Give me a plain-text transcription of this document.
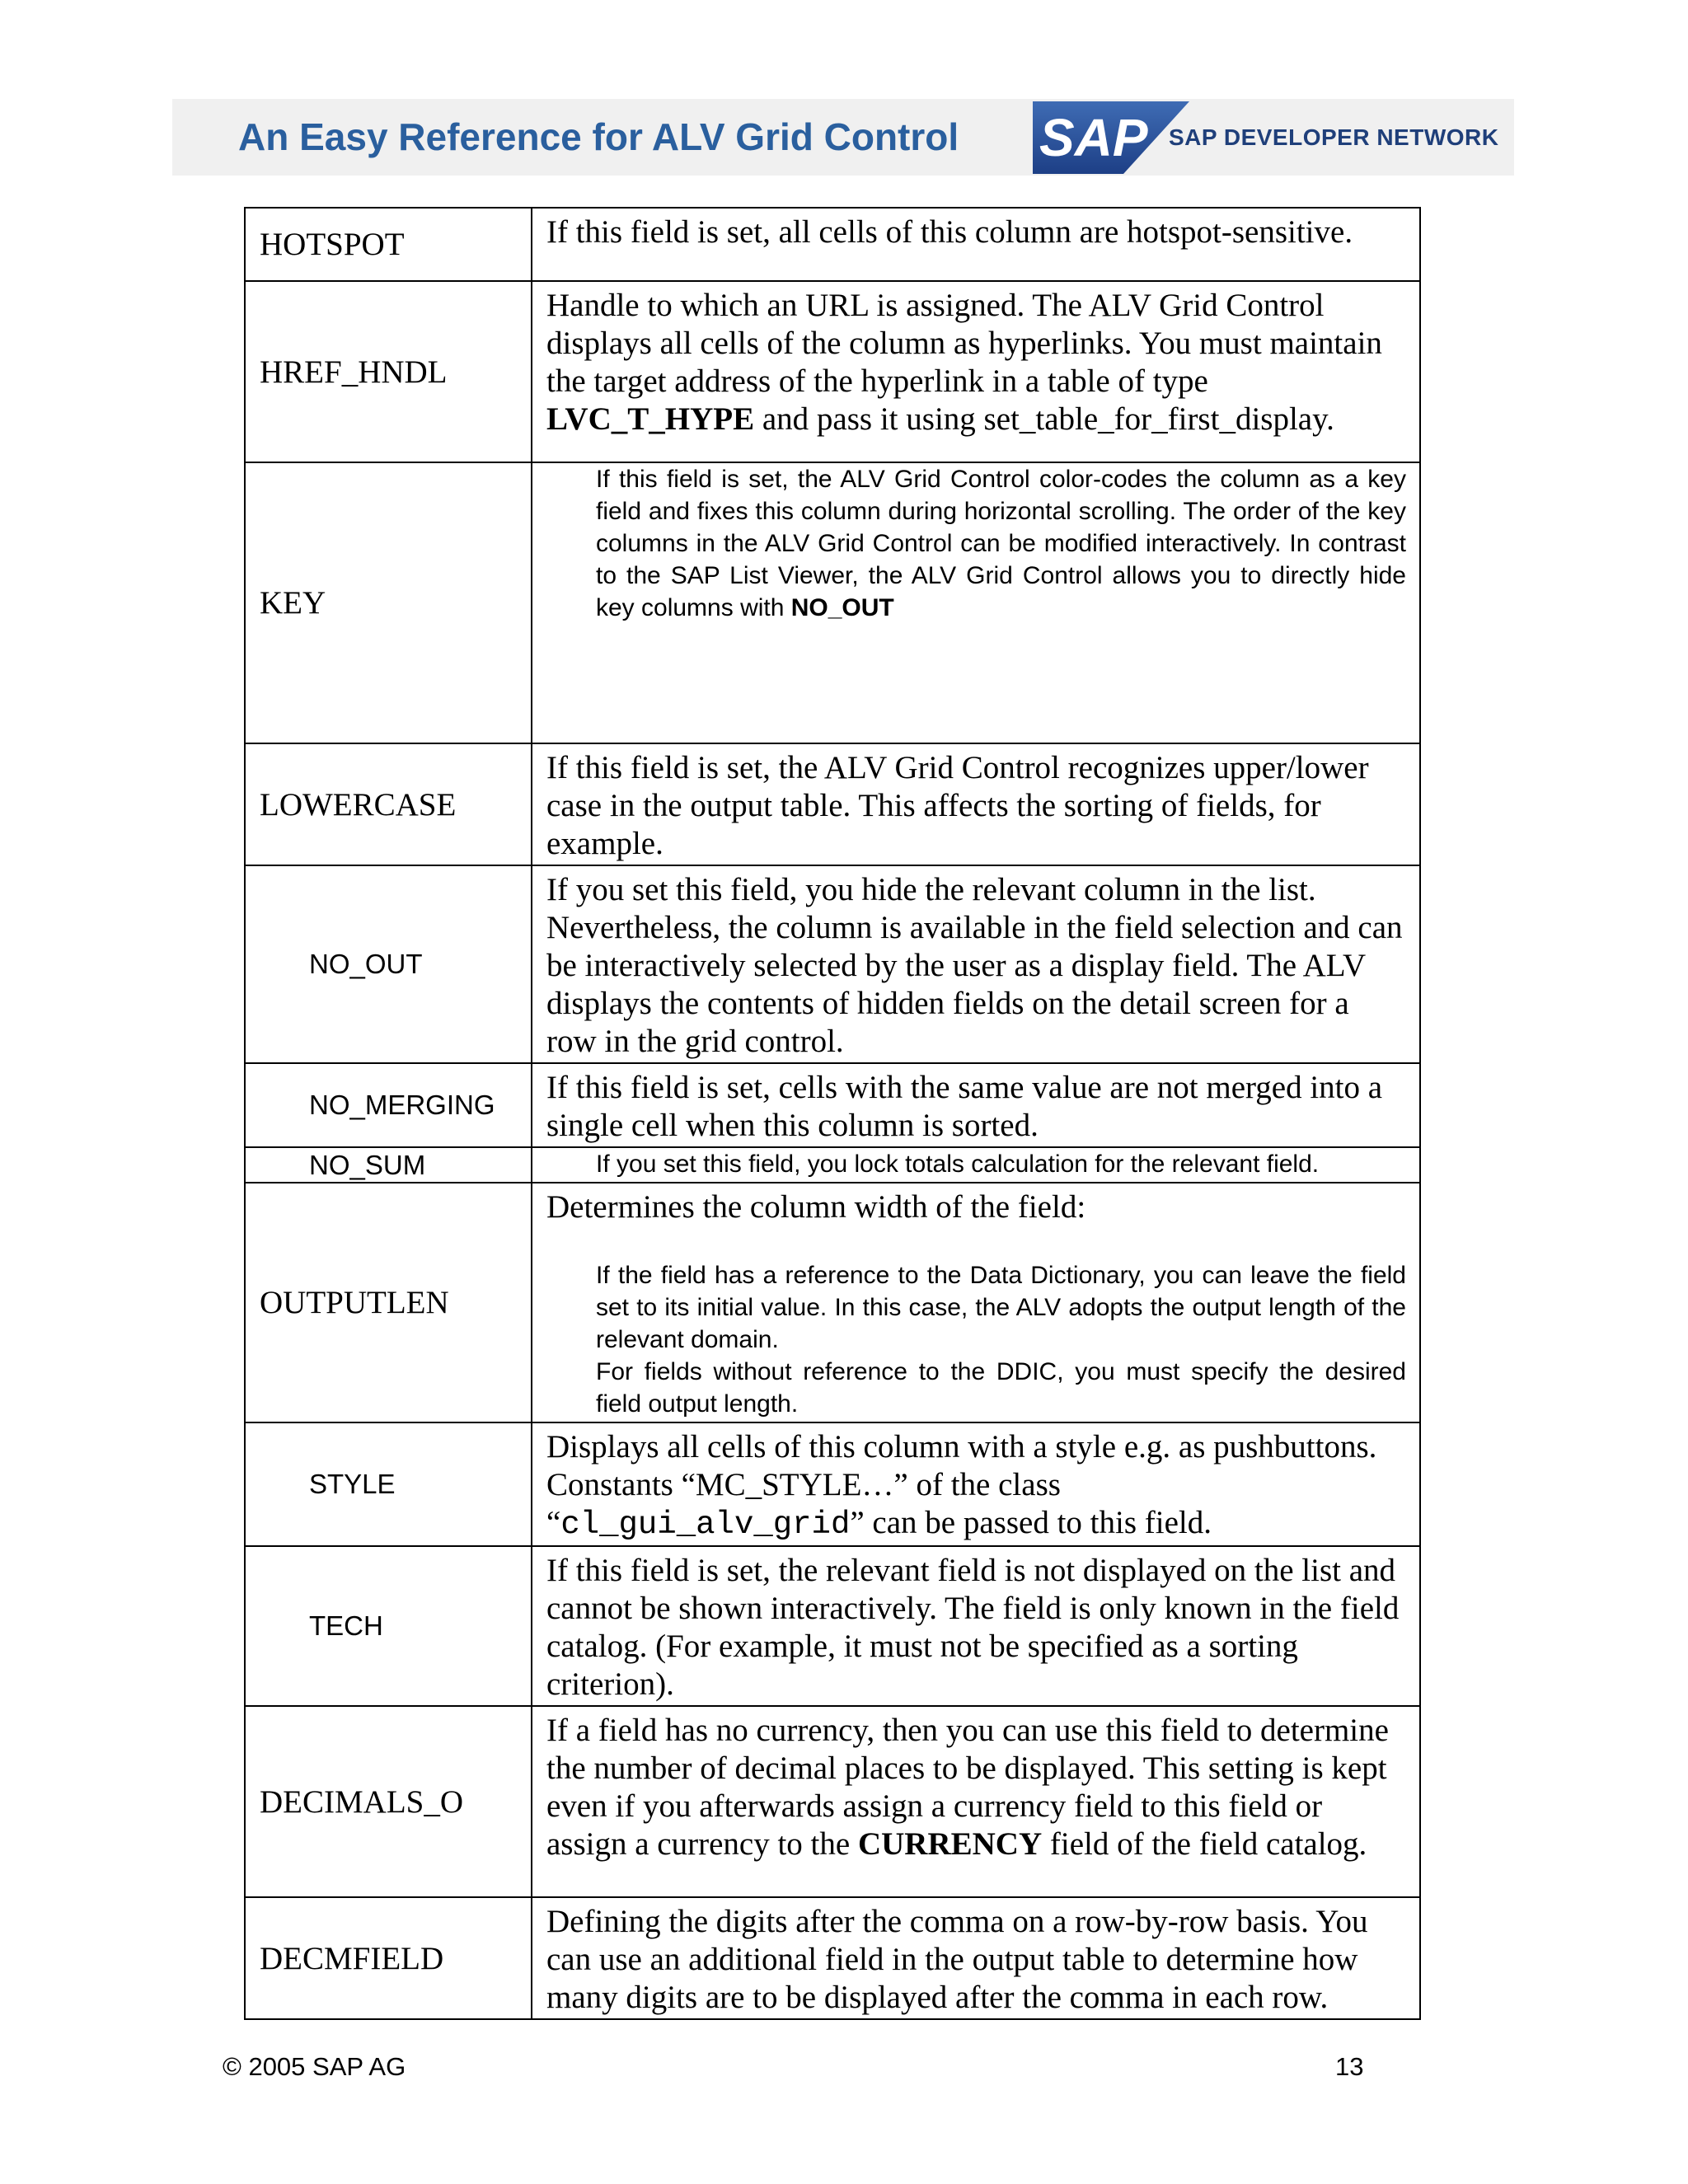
An Easy Reference for ALV Grid Control SAP SAP DEVELOPER NETWORK
HOTSPOT	If this field is set, all cells of this column are hotspot-sensitive.
HREF_HNDL	Handle to which an URL is assigned. The ALV Grid Control displays all cells of the column as hyperlinks. You must maintain the target address of the hyperlink in a table of type LVC_T_HYPE and pass it using set_table_for_first_display.
KEY	If this field is set, the ALV Grid Control color-codes the column as a key field and fixes this column during horizontal scrolling. The order of the key columns in the ALV Grid Control can be modified interactively. In contrast to the SAP List Viewer, the ALV Grid Control allows you to directly hide key columns with NO_OUT
LOWERCASE	If this field is set, the ALV Grid Control recognizes upper/lower case in the output table. This affects the sorting of fields, for example.
NO_OUT	If you set this field, you hide the relevant column in the list. Nevertheless, the column is available in the field selection and can be interactively selected by the user as a display field. The ALV displays the contents of hidden fields on the detail screen for a row in the grid control.
NO_MERGING	If this field is set, cells with the same value are not merged into a single cell when this column is sorted.
NO_SUM	If you set this field, you lock totals calculation for the relevant field.
OUTPUTLEN	Determines the column width of the field:
If the field has a reference to the Data Dictionary, you can leave the field set to its initial value. In this case, the ALV adopts the output length of the relevant domain.
For fields without reference to the DDIC, you must specify the desired field output length.

STYLE	Displays all cells of this column with a style e.g. as pushbuttons. Constants “MC_STYLE…” of the class
“cl_gui_alv_grid” can be passed to this field.
TECH	If this field is set, the relevant field is not displayed on the list and cannot be shown interactively. The field is only known in the field catalog. (For example, it must not be specified as a sorting criterion).
DECIMALS_O	If a field has no currency, then you can use this field to determine the number of decimal places to be displayed. This setting is kept even if you afterwards assign a currency field to this field or assign a currency to the CURRENCY field of the field catalog.
DECMFIELD	Defining the digits after the comma on a row-by-row basis. You can use an additional field in the output table to determine how many digits are to be displayed after the comma in each row.
© 2005 SAP AG	13
